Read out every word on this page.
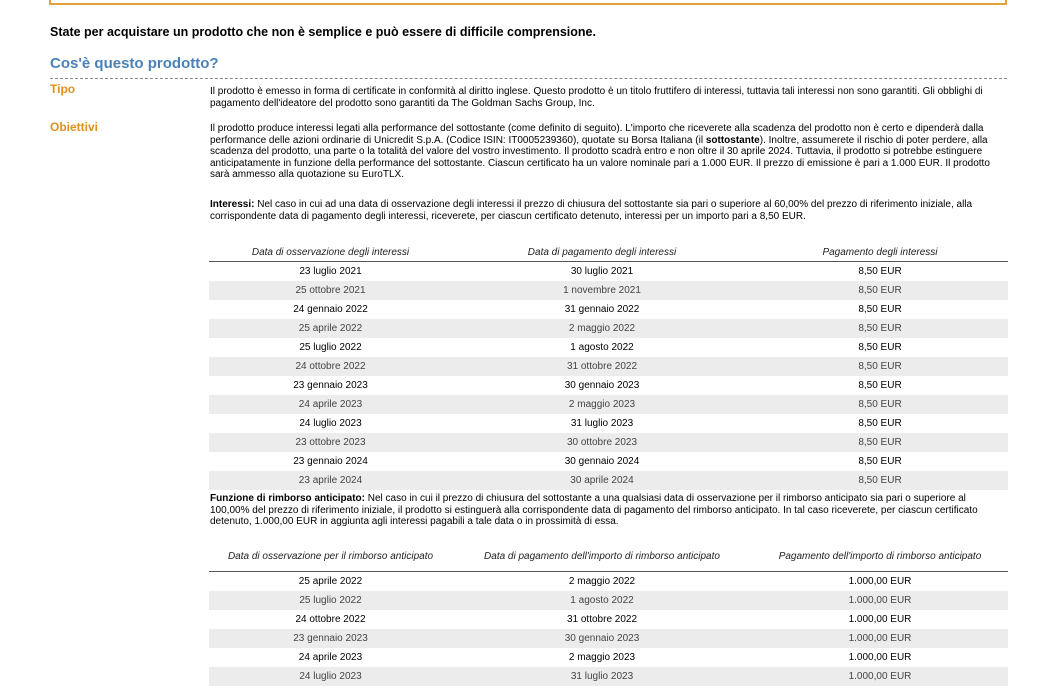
State per acquistare un prodotto che non è semplice e può essere di difficile comprensione.
Cos'è questo prodotto?
Tipo	Il prodotto è emesso in forma di certificate in conformità al diritto inglese. Questo prodotto è un titolo fruttifero di interessi, tuttavia tali interessi non sono garantiti. Gli obblighi di pagamento dell'ideatore del prodotto sono garantiti da The Goldman Sachs Group, Inc.
Obiettivi	Il prodotto produce interessi legati alla performance del sottostante (come definito di seguito). L'importo che riceverete alla scadenza del prodotto non è certo e dipenderà dalla performance delle azioni ordinarie di Unicredit S.p.A. (Codice ISIN: IT0005239360), quotate su Borsa Italiana (il sottostante). Inoltre, assumerete il rischio di poter perdere, alla scadenza del prodotto, una parte o la totalità del valore del vostro investimento. Il prodotto scadrà entro e non oltre il 30 aprile 2024. Tuttavia, il prodotto si potrebbe estinguere anticipatamente in funzione della performance del sottostante. Ciascun certificato ha un valore nominale pari a 1.000 EUR. Il prezzo di emissione è pari a 1.000 EUR. Il prodotto sarà ammesso alla quotazione su EuroTLX.
Interessi: Nel caso in cui ad una data di osservazione degli interessi il prezzo di chiusura del sottostante sia pari o superiore al 60,00% del prezzo di riferimento iniziale, alla corrispondente data di pagamento degli interessi, riceverete, per ciascun certificato detenuto, interessi per un importo pari a 8,50 EUR.
Data di osservazione degli interessi	Data di pagamento degli interessi	Pagamento degli interessi
23 luglio 2021	30 luglio 2021	8,50 EUR
25 ottobre 2021	1 novembre 2021	8,50 EUR
24 gennaio 2022	31 gennaio 2022	8,50 EUR
25 aprile 2022	2 maggio 2022	8,50 EUR
25 luglio 2022	1 agosto 2022	8,50 EUR
24 ottobre 2022	31 ottobre 2022	8,50 EUR
23 gennaio 2023	30 gennaio 2023	8,50 EUR
24 aprile 2023	2 maggio 2023	8,50 EUR
24 luglio 2023	31 luglio 2023	8,50 EUR
23 ottobre 2023	30 ottobre 2023	8,50 EUR
23 gennaio 2024	30 gennaio 2024	8,50 EUR
23 aprile 2024	30 aprile 2024	8,50 EUR
Funzione di rimborso anticipato: Nel caso in cui il prezzo di chiusura del sottostante a una qualsiasi data di osservazione per il rimborso anticipato sia pari o superiore al 100,00% del prezzo di riferimento iniziale, il prodotto si estinguerà alla corrispondente data di pagamento del rimborso anticipato. In tal caso riceverete, per ciascun certificato detenuto, 1.000,00 EUR in aggiunta agli interessi pagabili a tale data o in prossimità di essa.
Data di osservazione per il rimborso anticipato	Data di pagamento dell'importo di rimborso anticipato	Pagamento dell'importo di rimborso anticipato
25 aprile 2022	2 maggio 2022	1.000,00 EUR
25 luglio 2022	1 agosto 2022	1.000,00 EUR
24 ottobre 2022	31 ottobre 2022	1.000,00 EUR
23 gennaio 2023	30 gennaio 2023	1.000,00 EUR
24 aprile 2023	2 maggio 2023	1.000,00 EUR
24 luglio 2023	31 luglio 2023	1.000,00 EUR
